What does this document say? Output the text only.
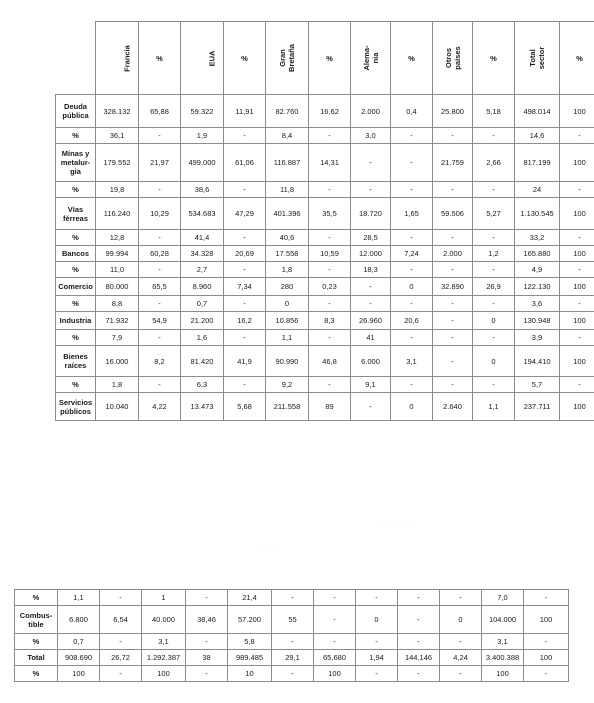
	Francia	%	EUA	%	Gran Bretaña	%	Alema- nia	%	Otros países	%	Total sector	%
Deuda pública	328.132	65,88	59.322	11,91	82.760	16,62	2.000	0,4	25.800	5,18	498.014	100
%	36,1	-	1,9	-	8,4	-	3,0	-	-	-	14,6	-
Minas y metalur- gia	179.552	21,97	499.000	61,06	116.887	14,31	-	-	21.759	2,66	817.199	100
%	19,8	-	38,6	-	11,8	-	-	-	-	-	24	-
Vías férreas	116.240	10,29	534.683	47,29	401.396	35,5	18.720	1,65	59.506	5,27	1.130.545	100
%	12,8	-	41,4	-	40,6	-	28,5	-	-	-	33,2	-
Bancos	99.994	60,28	34.328	20,69	17.558	10,59	12.000	7,24	2.000	1,2	165.880	100
%	11,0	-	2,7	-	1,8	-	18,3	-	-	-	4,9	-
Comercio	80.000	65,5	8.960	7,34	280	0,23	-	0	32.890	26,9	122.130	100
%	8,8	-	0,7	-	0	-	-	-	-	-	3,6	-
Industria	71.932	54,9	21.200	16,2	10.856	8,3	26.960	20,6	-	0	130.948	100
%	7,9	-	1,6	-	1,1	-	41	-	-	-	3,9	-
Bienes raíces	16.000	8,2	81.420	41,9	90.990	46,8	6.000	3,1	-	0	194.410	100
%	1,8	-	6,3	-	9,2	-	9,1	-	-	-	5,7	-
Servicios públicos	10.040	4,22	13.473	5,68	211.558	89	-	0	2.640	1,1	237.711	100
· · · · · · · · ·
· · · · ·
%	1,1	-	1	-	21,4	-	-	-	-	-	7,0	-
Combus- tible	6.800	6,54	40.000	38,46	57.200	55	-	0	-	0	104.000	100
%	0,7	-	3,1	-	5,8	-	-	-	-	-	3,1	-
Total	908.690	26,72	1.292.387	38	989.485	29,1	65.680	1,94	144.146	4,24	3.400.388	100
%	100	-	100	-	10	-	100	-	-	-	100	-
